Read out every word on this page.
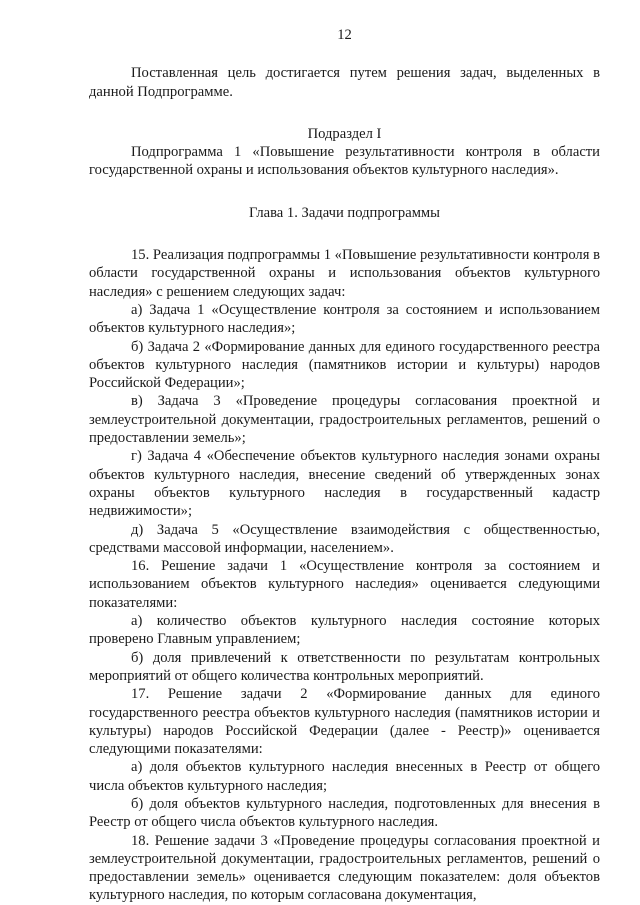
12

Поставленная цель достигается путем решения задач, выделенных в данной Подпрограмме.

Подраздел I

Подпрограмма 1 «Повышение результативности контроля в области государственной охраны и использования объектов культурного наследия».

Глава 1. Задачи подпрограммы

15. Реализация подпрограммы 1 «Повышение результативности контроля в области государственной охраны и использования объектов культурного наследия» с решением следующих задач:

а) Задача 1 «Осуществление контроля за состоянием и использованием объектов культурного наследия»;

б) Задача 2 «Формирование данных для единого государственного реестра объектов культурного наследия (памятников истории и культуры) народов Российской Федерации»;

в) Задача 3 «Проведение процедуры согласования проектной и землеустроительной документации, градостроительных регламентов, решений о предоставлении земель»;

г) Задача 4 «Обеспечение объектов культурного наследия зонами охраны объектов культурного наследия, внесение сведений об утвержденных зонах охраны объектов культурного наследия в государственный кадастр недвижимости»;

д) Задача 5 «Осуществление взаимодействия с общественностью, средствами массовой информации, населением».

16. Решение задачи 1 «Осуществление контроля за состоянием и использованием объектов культурного наследия» оценивается следующими показателями:

а) количество объектов культурного наследия состояние которых проверено Главным управлением;

б) доля привлечений к ответственности по результатам контрольных мероприятий от общего количества контрольных мероприятий.

17. Решение задачи 2 «Формирование данных для единого государственного реестра объектов культурного наследия (памятников истории и культуры) народов Российской Федерации (далее - Реестр)» оценивается следующими показателями:

а) доля объектов культурного наследия внесенных в Реестр от общего числа объектов культурного наследия;

б) доля объектов культурного наследия, подготовленных для внесения в Реестр от общего числа объектов культурного наследия.

18. Решение задачи 3 «Проведение процедуры согласования проектной и землеустроительной документации, градостроительных регламентов, решений о предоставлении земель» оценивается следующим показателем: доля объектов культурного наследия, по которым согласована документация,
